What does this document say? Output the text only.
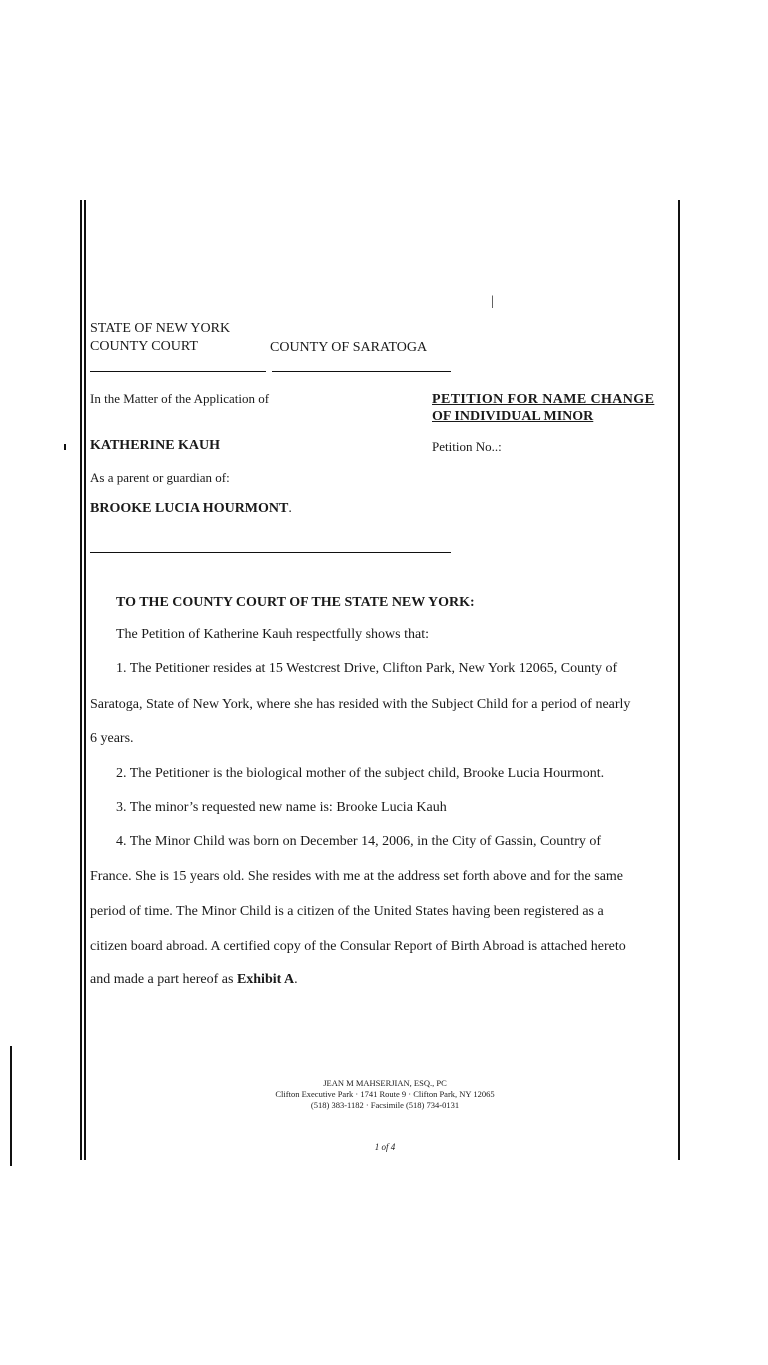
|
STATE OF NEW YORK
COUNTY COURT	COUNTY OF SARATOGA
In the Matter of the Application of	PETITION FOR NAME CHANGE
OF INDIVIDUAL MINOR
KATHERINE KAUH	Petition No..:
As a parent or guardian of:
BROOKE LUCIA HOURMONT.
TO THE COUNTY COURT OF THE STATE NEW YORK:
The Petition of Katherine Kauh respectfully shows that:
1. The Petitioner resides at 15 Westcrest Drive, Clifton Park, New York 12065, County of
Saratoga, State of New York, where she has resided with the Subject Child for a period of nearly
6 years.
2. The Petitioner is the biological mother of the subject child, Brooke Lucia Hourmont.
3. The minor’s requested new name is: Brooke Lucia Kauh
4. The Minor Child was born on December 14, 2006, in the City of Gassin, Country of
France. She is 15 years old. She resides with me at the address set forth above and for the same
period of time. The Minor Child is a citizen of the United States having been registered as a
citizen board abroad. A certified copy of the Consular Report of Birth Abroad is attached hereto
and made a part hereof as Exhibit A.
JEAN M MAHSERJIAN, ESQ., PC
Clifton Executive Park · 1741 Route 9 · Clifton Park, NY 12065
(518) 383-1182 · Facsimile (518) 734-0131
1 of 4
